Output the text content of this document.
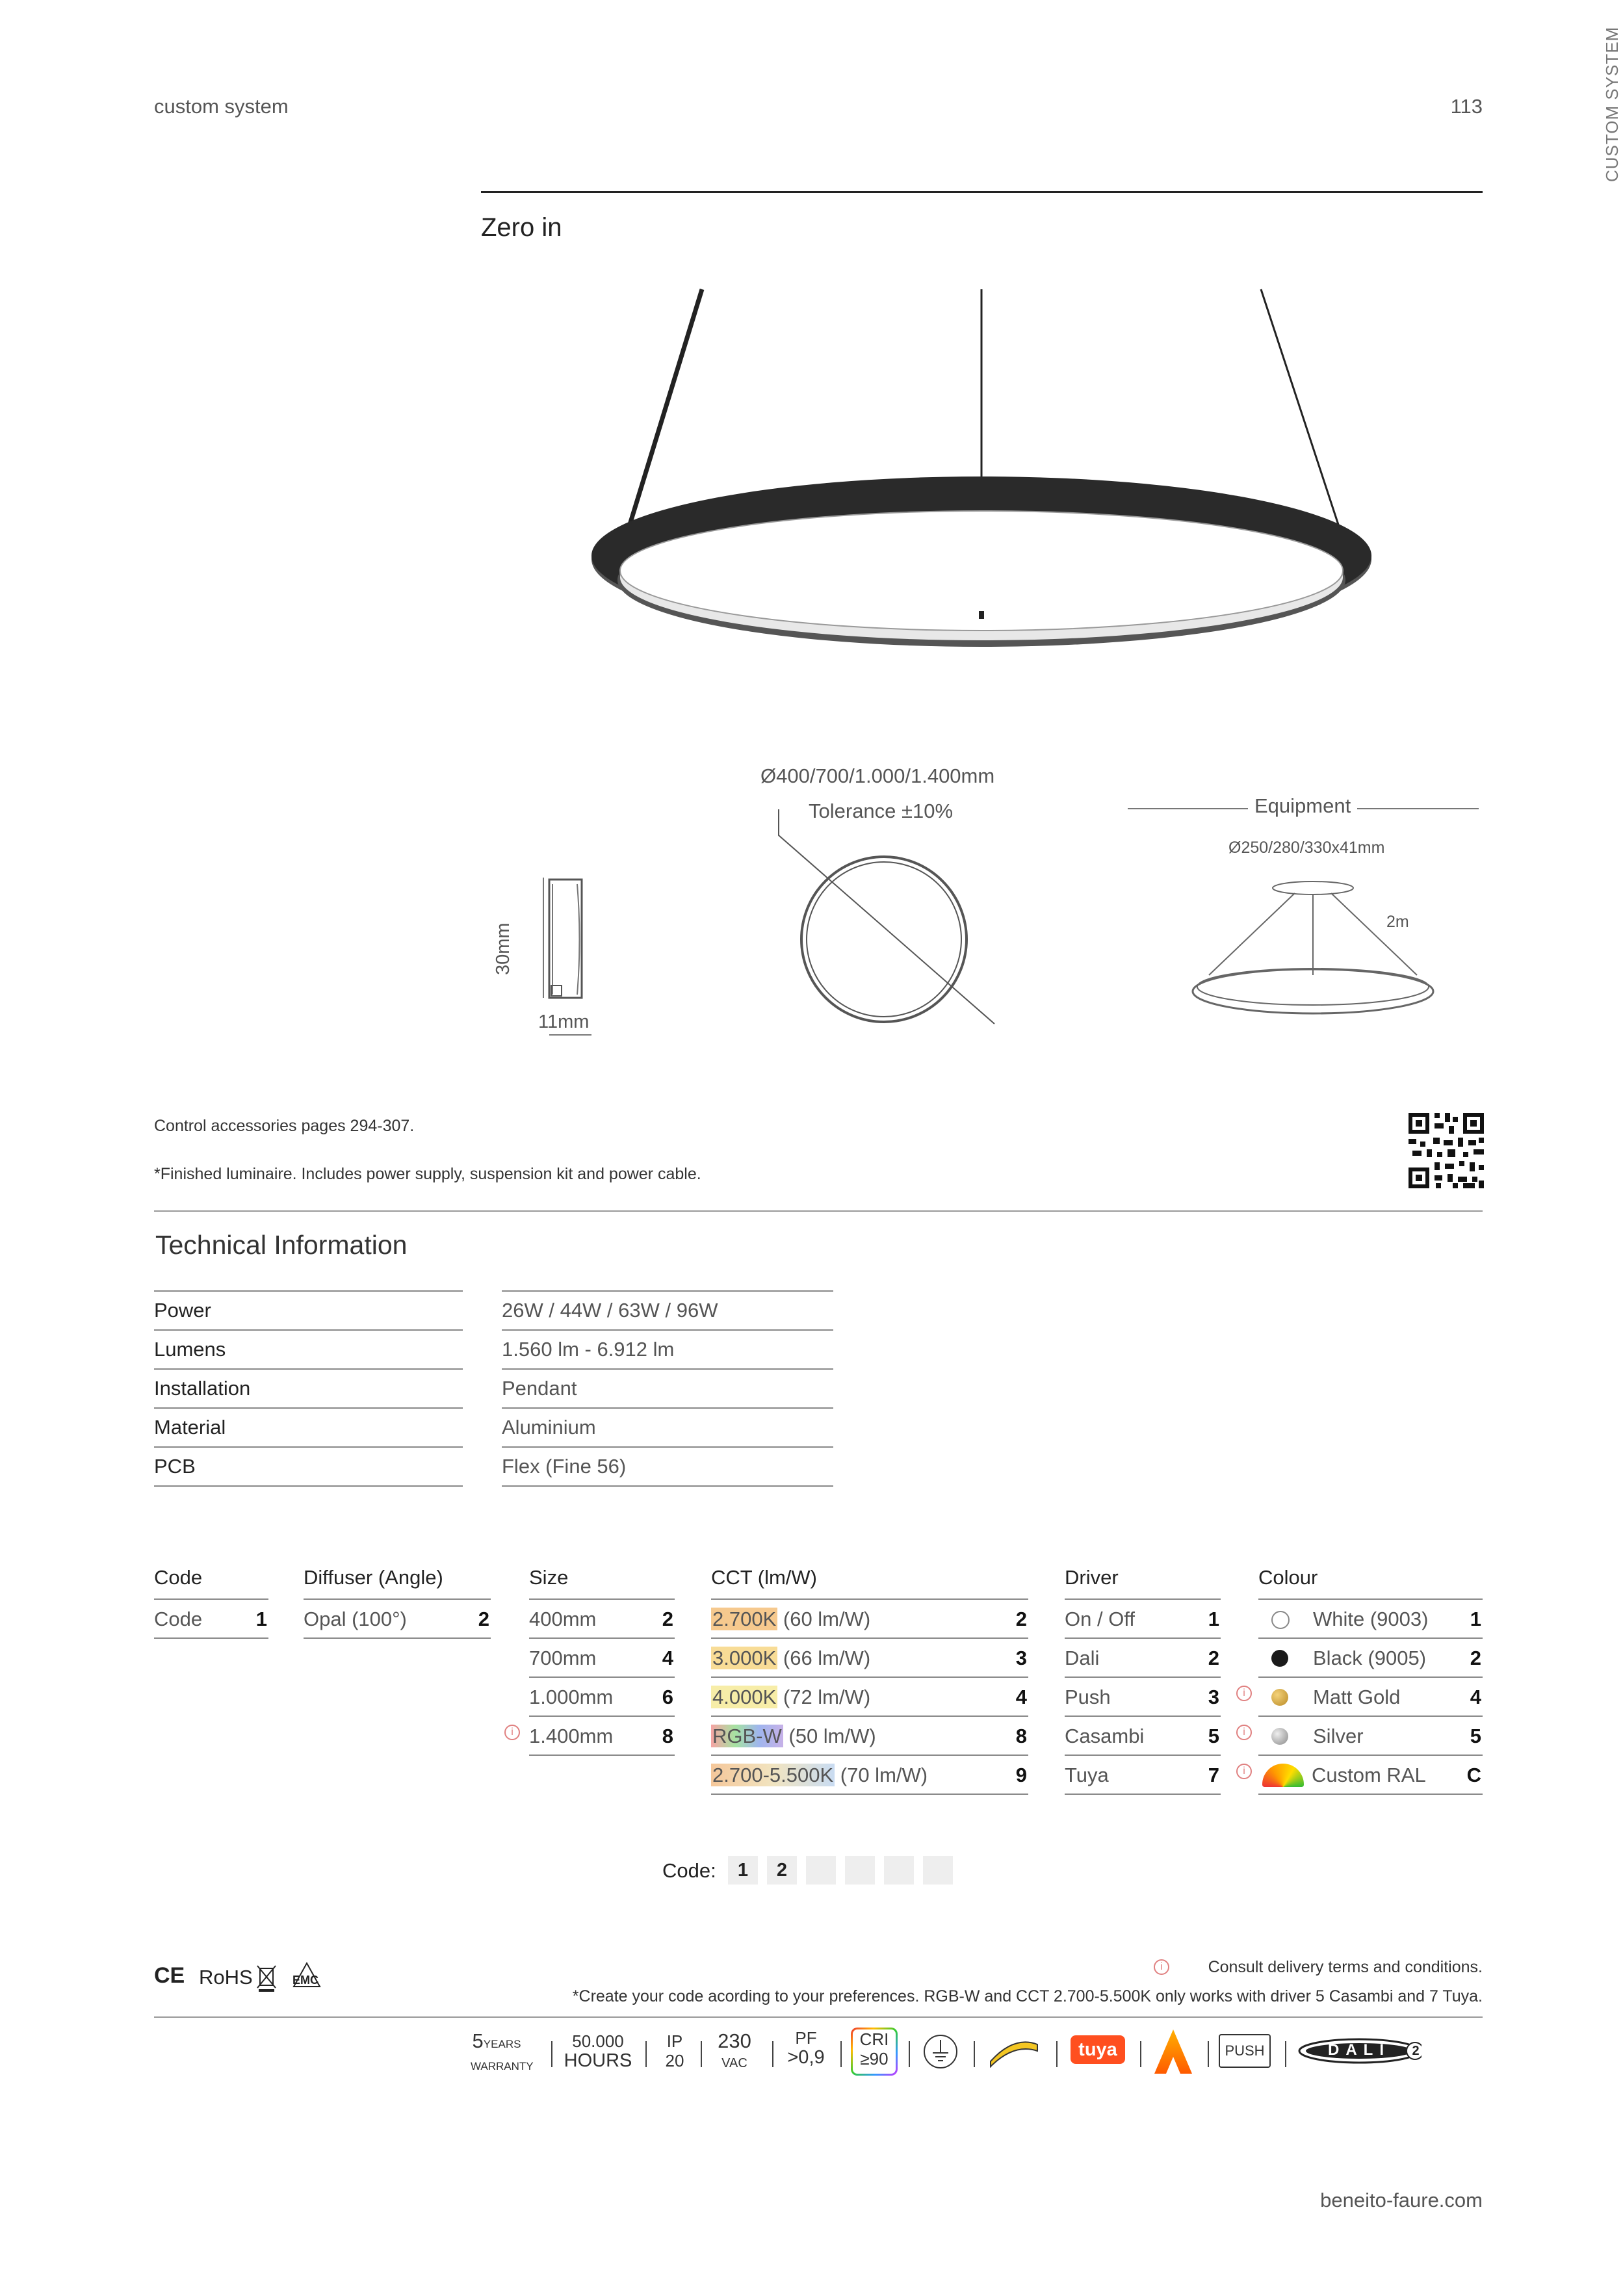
custom system	113	CUSTOM SYSTEM
Zero in
Ø400/700/1.000/1.400mm
Tolerance ±10%
30mm
11mm
Equipment
Ø250/280/330x41mm
2m
Control accessories pages 294-307.
*Finished luminaire. Includes power supply, suspension kit and power cable.
Technical Information
Power		26W / 44W / 63W / 96W
Lumens		1.560 lm - 6.912 lm
Installation		Pendant
Material		Aluminium
PCB		Flex (Fine 56)
Code
Code	1
Diffuser (Angle)
Opal (100°)	2
Size
400mm	2
700mm	4
1.000mm 6
1.400mm 8
i
CCT (lm/W)
2.700K (60 lm/W)	2
3.000K (66 lm/W)	3
4.000K (72 lm/W)	4
RGB-W (50 lm/W)	8
2.700-5.500K (70 lm/W)	9
Driver
On / Off	1
Dali	2
Push	3
Casambi	5
Tuya	7
i
i
i
Colour
White (9003) 1
Black (9005) 2
Matt Gold	4
Silver	5
Custom RAL C
Code:	1	2
CE RoHS	EMC
i	Consult delivery terms and conditions.
*Create your code acording to your preferences. RGB-W and CCT 2.700-5.500K only works with driver 5 Casambi and 7 Tuya.
5YEARS
WARRANTY
50.000
HOURS
IP
20
230
VAC
PF
>0,9
CRI
≥90	tuya	PUSH	DALI 2
beneito-faure.com
